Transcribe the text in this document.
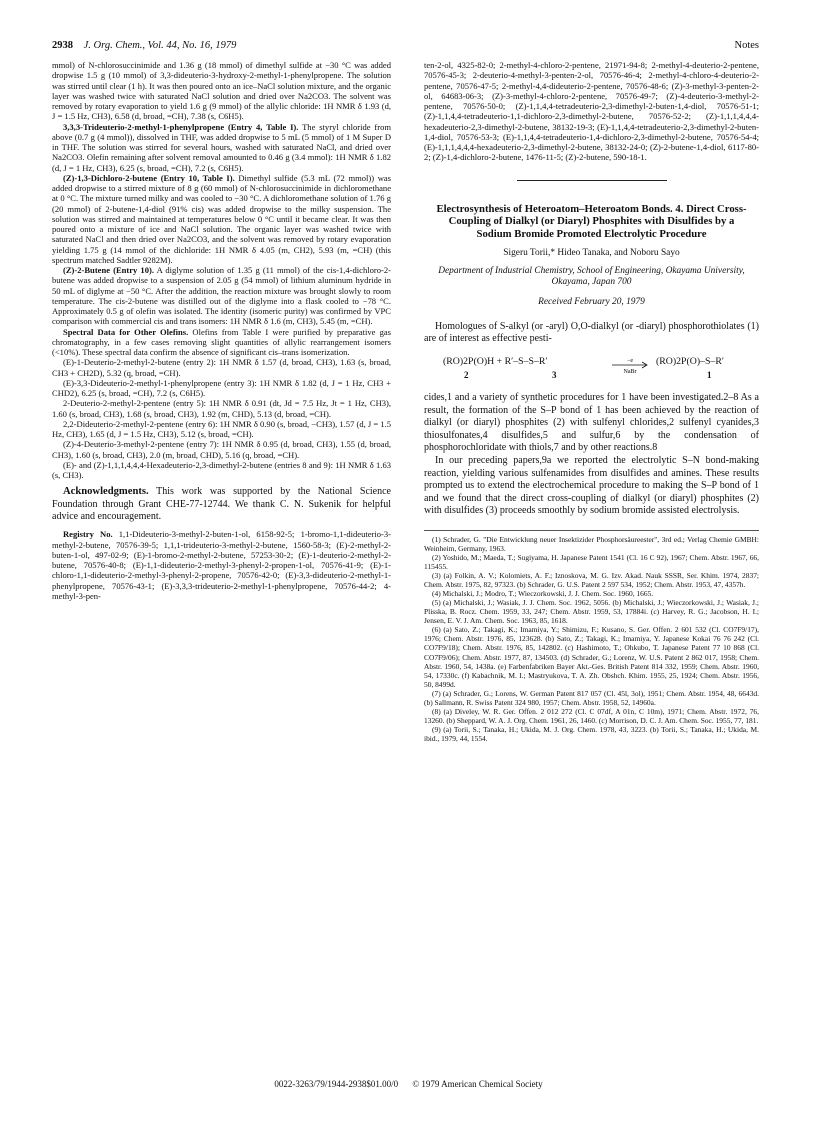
2938 J. Org. Chem., Vol. 44, No. 16, 1979	Notes

mmol) of N-chlorosuccinimide and 1.36 g (18 mmol) of dimethyl sulfide at −30 °C was added dropwise 1.5 g (10 mmol) of 3,3-dideuterio-3-hydroxy-2-methyl-1-phenylpropene. The solution was stirred until clear (1 h). It was then poured onto an ice–NaCl solution mixture, and the organic layer was washed twice with saturated NaCl solution and dried over Na2CO3. The solvent was removed by rotary evaporation to yield 1.6 g (9 mmol) of the allylic chloride: 1H NMR δ 1.93 (d, J = 1.5 Hz, CH3), 6.58 (d, broad, =CH), 7.38 (s, C6H5).

3,3,3-Trideuterio-2-methyl-1-phenylpropene (Entry 4, Table I). The styryl chloride from above (0.7 g (4 mmol)), dissolved in THF, was added dropwise to 5 mL (5 mmol) of 1 M Super D in THF. The solution was stirred for several hours, washed with saturated NaCl, and dried over Na2CO3. Olefin remaining after solvent removal amounted to 0.46 g (3.4 mmol): 1H NMR δ 1.82 (d, J = 1 Hz, CH3), 6.25 (s, broad, =CH), 7.2 (s, C6H5).

(Z)-1,3-Dichloro-2-butene (Entry 10, Table I). Dimethyl sulfide (5.3 mL (72 mmol)) was added dropwise to a stirred mixture of 8 g (60 mmol) of N-chlorosuccinimide in dichloromethane at 0 °C. The mixture turned milky and was cooled to −30 °C. A dichloromethane solution of 1.76 g (20 mmol) of 2-butene-1,4-diol (91% cis) was added dropwise to the milky suspension. The solution was stirred and maintained at temperatures below 0 °C until it became clear. It was then poured onto a mixture of ice and NaCl solution. The organic layer was washed twice with saturated NaCl and then dried over Na2CO3, and the solvent was removed by rotary evaporation yielding 1.75 g (14 mmol of the dichloride: 1H NMR δ 4.05 (m, CH2), 5.93 (m, =CH) (this spectrum matched Sadtler 9282M).

(Z)-2-Butene (Entry 10). A diglyme solution of 1.35 g (11 mmol) of the cis-1,4-dichloro-2-butene was added dropwise to a suspension of 2.05 g (54 mmol) of lithium aluminum hydride in 50 mL of diglyme at −50 °C. After the addition, the reaction mixture was brought slowly to room temperature. The cis-2-butene was distilled out of the diglyme into a flask cooled to −78 °C. Approximately 0.5 g of olefin was isolated. The identity (isomeric purity) was confirmed by VPC comparison with commercial cis and trans isomers: 1H NMR δ 1.6 (m, CH3), 5.45 (m, =CH).

Spectral Data for Other Olefins. Olefins from Table I were purified by preparative gas chromatography, in a few cases removing slight quantities of allylic rearrangement isomers (<10%). These spectral data confirm the absence of significant cis–trans isomerization.

(E)-1-Deuterio-2-methyl-2-butene (entry 2): 1H NMR δ 1.57 (d, broad, CH3), 1.63 (s, broad, CH3 + CH2D), 5.32 (q, broad, =CH).

(E)-3,3-Dideuterio-2-methyl-1-phenylpropene (entry 3): 1H NMR δ 1.82 (d, J = 1 Hz, CH3 + CHD2), 6.25 (s, broad, =CH), 7.2 (s, C6H5).

2-Deuterio-2-methyl-2-pentene (entry 5): 1H NMR δ 0.91 (dt, Jd = 7.5 Hz, Jt = 1 Hz, CH3), 1.60 (s, broad, CH3), 1.68 (s, broad, CH3), 1.92 (m, CHD), 5.13 (d, broad, =CH).

2,2-Dideuterio-2-methyl-2-pentene (entry 6): 1H NMR δ 0.90 (s, broad, −CH3), 1.57 (d, J = 1.5 Hz, CH3), 1.65 (d, J = 1.5 Hz, CH3), 5.12 (s, broad, =CH).

(Z)-4-Deuterio-3-methyl-2-pentene (entry 7): 1H NMR δ 0.95 (d, broad, CH3), 1.55 (d, broad, CH3), 1.60 (s, broad, CH3), 2.0 (m, broad, CHD), 5.16 (q, broad, =CH).

(E)- and (Z)-1,1,1,4,4,4-Hexadeuterio-2,3-dimethyl-2-butene (entries 8 and 9): 1H NMR δ 1.63 (s, CH3).

Acknowledgments. This work was supported by the National Science Foundation through Grant CHE-77-12744. We thank C. N. Sukenik for helpful advice and encouragement.

Registry No. 1,1-Dideuterio-3-methyl-2-buten-1-ol, 6158-92-5; 1-bromo-1,1-dideuterio-3-methyl-2-butene, 70576-39-5; 1,1,1-trideuterio-3-methyl-2-butene, 1560-58-3; (E)-2-methyl-2-buten-1-ol, 497-02-9; (E)-1-bromo-2-methyl-2-butene, 57253-30-2; (E)-1-deuterio-2-methyl-2-butene, 70576-40-8; (E)-1,1-dideuterio-2-methyl-3-phenyl-2-propen-1-ol, 70576-41-9; (E)-1-chloro-1,1-dideuterio-2-methyl-3-phenyl-2-propene, 70576-42-0; (E)-3,3-dideuterio-2-methyl-1-phenylpropene, 70576-43-1; (E)-3,3,3-trideuterio-2-methyl-1-phenylpropene, 70576-44-2; 4-methyl-3-pen-

ten-2-ol, 4325-82-0; 2-methyl-4-chloro-2-pentene, 21971-94-8; 2-methyl-4-deuterio-2-pentene, 70576-45-3; 2-deuterio-4-methyl-3-penten-2-ol, 70576-46-4; 2-methyl-4-chloro-4-deuterio-2-pentene, 70576-47-5; 2-methyl-4,4-dideuterio-2-pentene, 70576-48-6; (Z)-3-methyl-3-penten-2-ol, 64683-06-3; (Z)-3-methyl-4-chloro-2-pentene, 70576-49-7; (Z)-4-deuterio-3-methyl-2-pentene, 70576-50-0; (Z)-1,1,4,4-tetradeuterio-2,3-dimethyl-2-buten-1,4-diol, 70576-51-1; (Z)-1,1,4,4-tetradeuterio-1,1-dichloro-2,3-dimethyl-2-butene, 70576-52-2; (Z)-1,1,1,4,4,4-hexadeuterio-2,3-dimethyl-2-butene, 38132-19-3; (E)-1,1,4,4-tetradeuterio-2,3-dimethyl-2-buten-1,4-diol, 70576-53-3; (E)-1,1,4,4-tetradeuterio-1,4-dichloro-2,3-dimethyl-2-butene, 70576-54-4; (E)-1,1,1,4,4,4-hexadeuterio-2,3-dimethyl-2-butene, 38132-24-0; (Z)-2-butene-1,4-diol, 6117-80-2; (Z)-1,4-dichloro-2-butene, 1476-11-5; (Z)-2-butene, 590-18-1.

Electrosynthesis of Heteroatom–Heteroatom Bonds. 4. Direct Cross-Coupling of Dialkyl (or Diaryl) Phosphites with Disulfides by a Sodium Bromide Promoted Electrolytic Procedure
Sigeru Torii,* Hideo Tanaka, and Noboru Sayo
Department of Industrial Chemistry, School of Engineering, Okayama University, Okayama, Japan 700
Received February 20, 1979

Homologues of S-alkyl (or -aryl) O,O-dialkyl (or -diaryl) phosphorothiolates (1) are of interest as effective pesti-

(RO)2P(O)H + R′–S–S–R′
2	3
−e
NaBr
(RO)2P(O)–S–R′
1

cides,1 and a variety of synthetic procedures for 1 have been investigated.2–8 As a result, the formation of the S–P bond of 1 has been achieved by the reaction of dialkyl (or diaryl) phosphites (2) with sulfenyl chlorides,2 sulfenyl cyanides,3 thiosulfonates,4 disulfides,5 and sulfur,6 by the condensation of phosphorochloridate with thiols,7 and by other reactions.8

In our preceding papers,9a we reported the electrolytic S–N bond-making reaction, yielding various sulfenamides from disulfides and amines. These results prompted us to extend the electrochemical procedure to making the S–P bond of 1 and we found that the direct cross-coupling of dialkyl (or diaryl) phosphites (2) with disulfides (3) proceeds smoothly by sodium bromide assisted electrolysis.

(1) Schrader, G. "Die Entwicklung neuer Insektizider Phosphorsäureester", 3rd ed.; Verlag Chemie GMBH: Weinheim, Germany, 1963.

(2) Yoshido, M.; Maeda, T.; Sugiyama, H. Japanese Patent 1541 (Cl. 16 C 92), 1967; Chem. Abstr. 1967, 66, 115455.

(3) (a) Folkin, A. V.; Kolomiets, A. F.; Iznoskova, M. G. Izv. Akad. Nauk SSSR, Ser. Khim. 1974, 2837; Chem. Abstr. 1975, 82, 97323. (b) Schrader, G. U.S. Patent 2 597 534, 1952; Chem. Abstr. 1953, 47, 4357h.

(4) Michalski, J.; Modro, T.; Wieczorkowski, J. J. Chem. Soc. 1960, 1665.

(5) (a) Michalski, J.; Wasiak, J. J. Chem. Soc. 1962, 5056. (b) Michalski, J.; Wieczorkowski, J.; Wasiak, J.; Plisska, B. Rocz. Chem. 1959, 33, 247; Chem. Abstr. 1959, 53, 17884i. (c) Harvey, R. G.; Jacobson, H. I.; Jensen, E. V. J. Am. Chem. Soc. 1963, 85, 1618.

(6) (a) Sato, Z.; Takagi, K.; Imamiya, Y.; Shimizu, F.; Kusano, S. Ger. Offen. 2 601 532 (Cl. CO7F9/17), 1976; Chem. Abstr. 1976, 85, 123628. (b) Sato, Z.; Takagi, K.; Imamiya, Y. Japanese Kokai 76 76 242 (Cl. CO7F9/18); Chem. Abstr. 1976, 85, 142802. (c) Hashimoto, T.; Ohkubo, T. Japanese Patent 77 10 868 (Cl. CO7F9/06); Chem. Abstr. 1977, 87, 134503. (d) Schrader, G.; Lorenz, W. U.S. Patent 2 862 017, 1958; Chem. Abstr. 1960, 54, 1438a. (e) Farbenfabriken Bayer Akt.-Ges. British Patent 814 332, 1959; Chem. Abstr. 1960, 54, 17330c. (f) Kabachnik, M. I.; Mastryukova, T. A. Zh. Obshch. Khim. 1955, 25, 1924; Chem. Abstr. 1956, 50, 8499d.

(7) (a) Schrader, G.; Lorens, W. German Patent 817 057 (Cl. 45l, 3ol), 1951; Chem. Abstr. 1954, 48, 6643d. (b) Sallmann, R. Swiss Patent 324 980, 1957; Chem. Abstr. 1958, 52, 14960a.

(8) (a) Diveley, W. R. Ger. Offen. 2 012 272 (Cl. C 07df, A 01n, C 10m), 1971; Chem. Abstr. 1972, 76, 13260. (b) Sheppard, W. A. J. Org. Chem. 1961, 26, 1460. (c) Morrison, D. C. J. Am. Chem. Soc. 1955, 77, 181.

(9) (a) Torii, S.; Tanaka, H.; Ukida, M. J. Org. Chem. 1978, 43, 3223. (b) Torii, S.; Tanaka, H.; Ukida, M. ibid., 1979, 44, 1554.

0022-3263/79/1944-2938$01.00/0 © 1979 American Chemical Society
